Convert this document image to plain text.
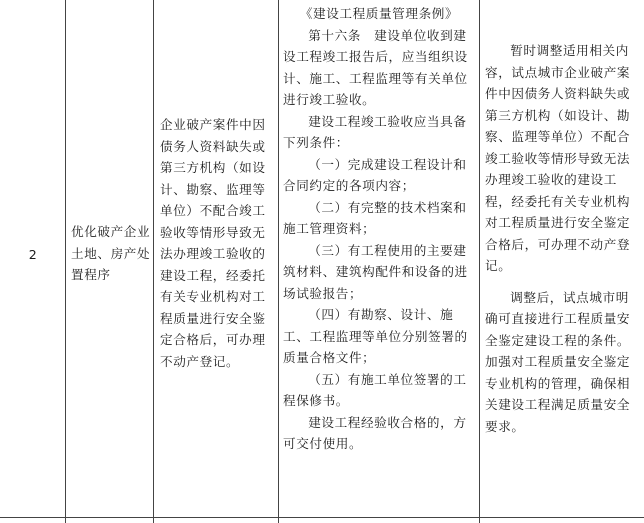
2
优化破产企业土地、房产处置程序

企业破产案件中因债务人资料缺失或第三方机构（如设计、勘察、监理等单位）不配合竣工验收等情形导致无法办理竣工验收的建设工程，经委托有关专业机构对工程质量进行安全鉴定合格后，可办理不动产登记。

《建设工程质量管理条例》

第十六条　建设单位收到建设工程竣工报告后，应当组织设计、施工、工程监理等有关单位进行竣工验收。

建设工程竣工验收应当具备下列条件：

（一）完成建设工程设计和合同约定的各项内容；

（二）有完整的技术档案和施工管理资料；

（三）有工程使用的主要建筑材料、建筑构配件和设备的进场试验报告；

（四）有勘察、设计、施工、工程监理等单位分别签署的质量合格文件；

（五）有施工单位签署的工程保修书。

建设工程经验收合格的，方可交付使用。

暂时调整适用相关内容，试点城市企业破产案件中因债务人资料缺失或第三方机构（如设计、勘察、监理等单位）不配合竣工验收等情形导致无法办理竣工验收的建设工程，经委托有关专业机构对工程质量进行安全鉴定合格后，可办理不动产登记。

调整后，试点城市明确可直接进行工程质量安全鉴定建设工程的条件。加强对工程质量安全鉴定专业机构的管理，确保相关建设工程满足质量安全要求。
